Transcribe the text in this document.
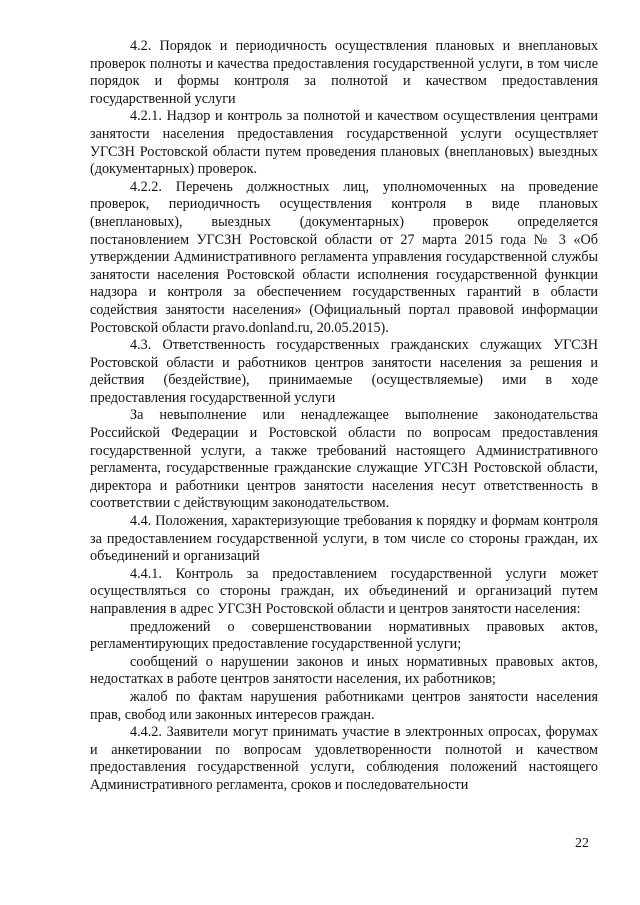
4.2. Порядок и периодичность осуществления плановых и внеплановых проверок полноты и качества предоставления государственной услуги, в том числе порядок и формы контроля за полнотой и качеством предоставления государственной услуги

4.2.1. Надзор и контроль за полнотой и качеством осуществления центрами занятости населения предоставления государственной услуги осуществляет УГСЗН Ростовской области путем проведения плановых (внеплановых) выездных (документарных) проверок.

4.2.2. Перечень должностных лиц, уполномоченных на проведение проверок, периодичность осуществления контроля в виде плановых (внеплановых), выездных (документарных) проверок определяется постановлением УГСЗН Ростовской области от 27 марта 2015 года № 3 «Об утверждении Административного регламента управления государственной службы занятости населения Ростовской области исполнения государственной функции надзора и контроля за обеспечением государственных гарантий в области содействия занятости населения» (Официальный портал правовой информации Ростовской области pravo.donland.ru, 20.05.2015).

4.3. Ответственность государственных гражданских служащих УГСЗН Ростовской области и работников центров занятости населения за решения и действия (бездействие), принимаемые (осуществляемые) ими в ходе предоставления государственной услуги

За невыполнение или ненадлежащее выполнение законодательства Российской Федерации и Ростовской области по вопросам предоставления государственной услуги, а также требований настоящего Административного регламента, государственные гражданские служащие УГСЗН Ростовской области, директора и работники центров занятости населения несут ответственность в соответствии с действующим законодательством.

4.4. Положения, характеризующие требования к порядку и формам контроля за предоставлением государственной услуги, в том числе со стороны граждан, их объединений и организаций

4.4.1. Контроль за предоставлением государственной услуги может осуществляться со стороны граждан, их объединений и организаций путем направления в адрес УГСЗН Ростовской области и центров занятости населения:

предложений о совершенствовании нормативных правовых актов, регламентирующих предоставление государственной услуги;

сообщений о нарушении законов и иных нормативных правовых актов, недостатках в работе центров занятости населения, их работников;

жалоб по фактам нарушения работниками центров занятости населения прав, свобод или законных интересов граждан.

4.4.2. Заявители могут принимать участие в электронных опросах, форумах и анкетировании по вопросам удовлетворенности полнотой и качеством предоставления государственной услуги, соблюдения положений настоящего Административного регламента, сроков и последовательности

22
